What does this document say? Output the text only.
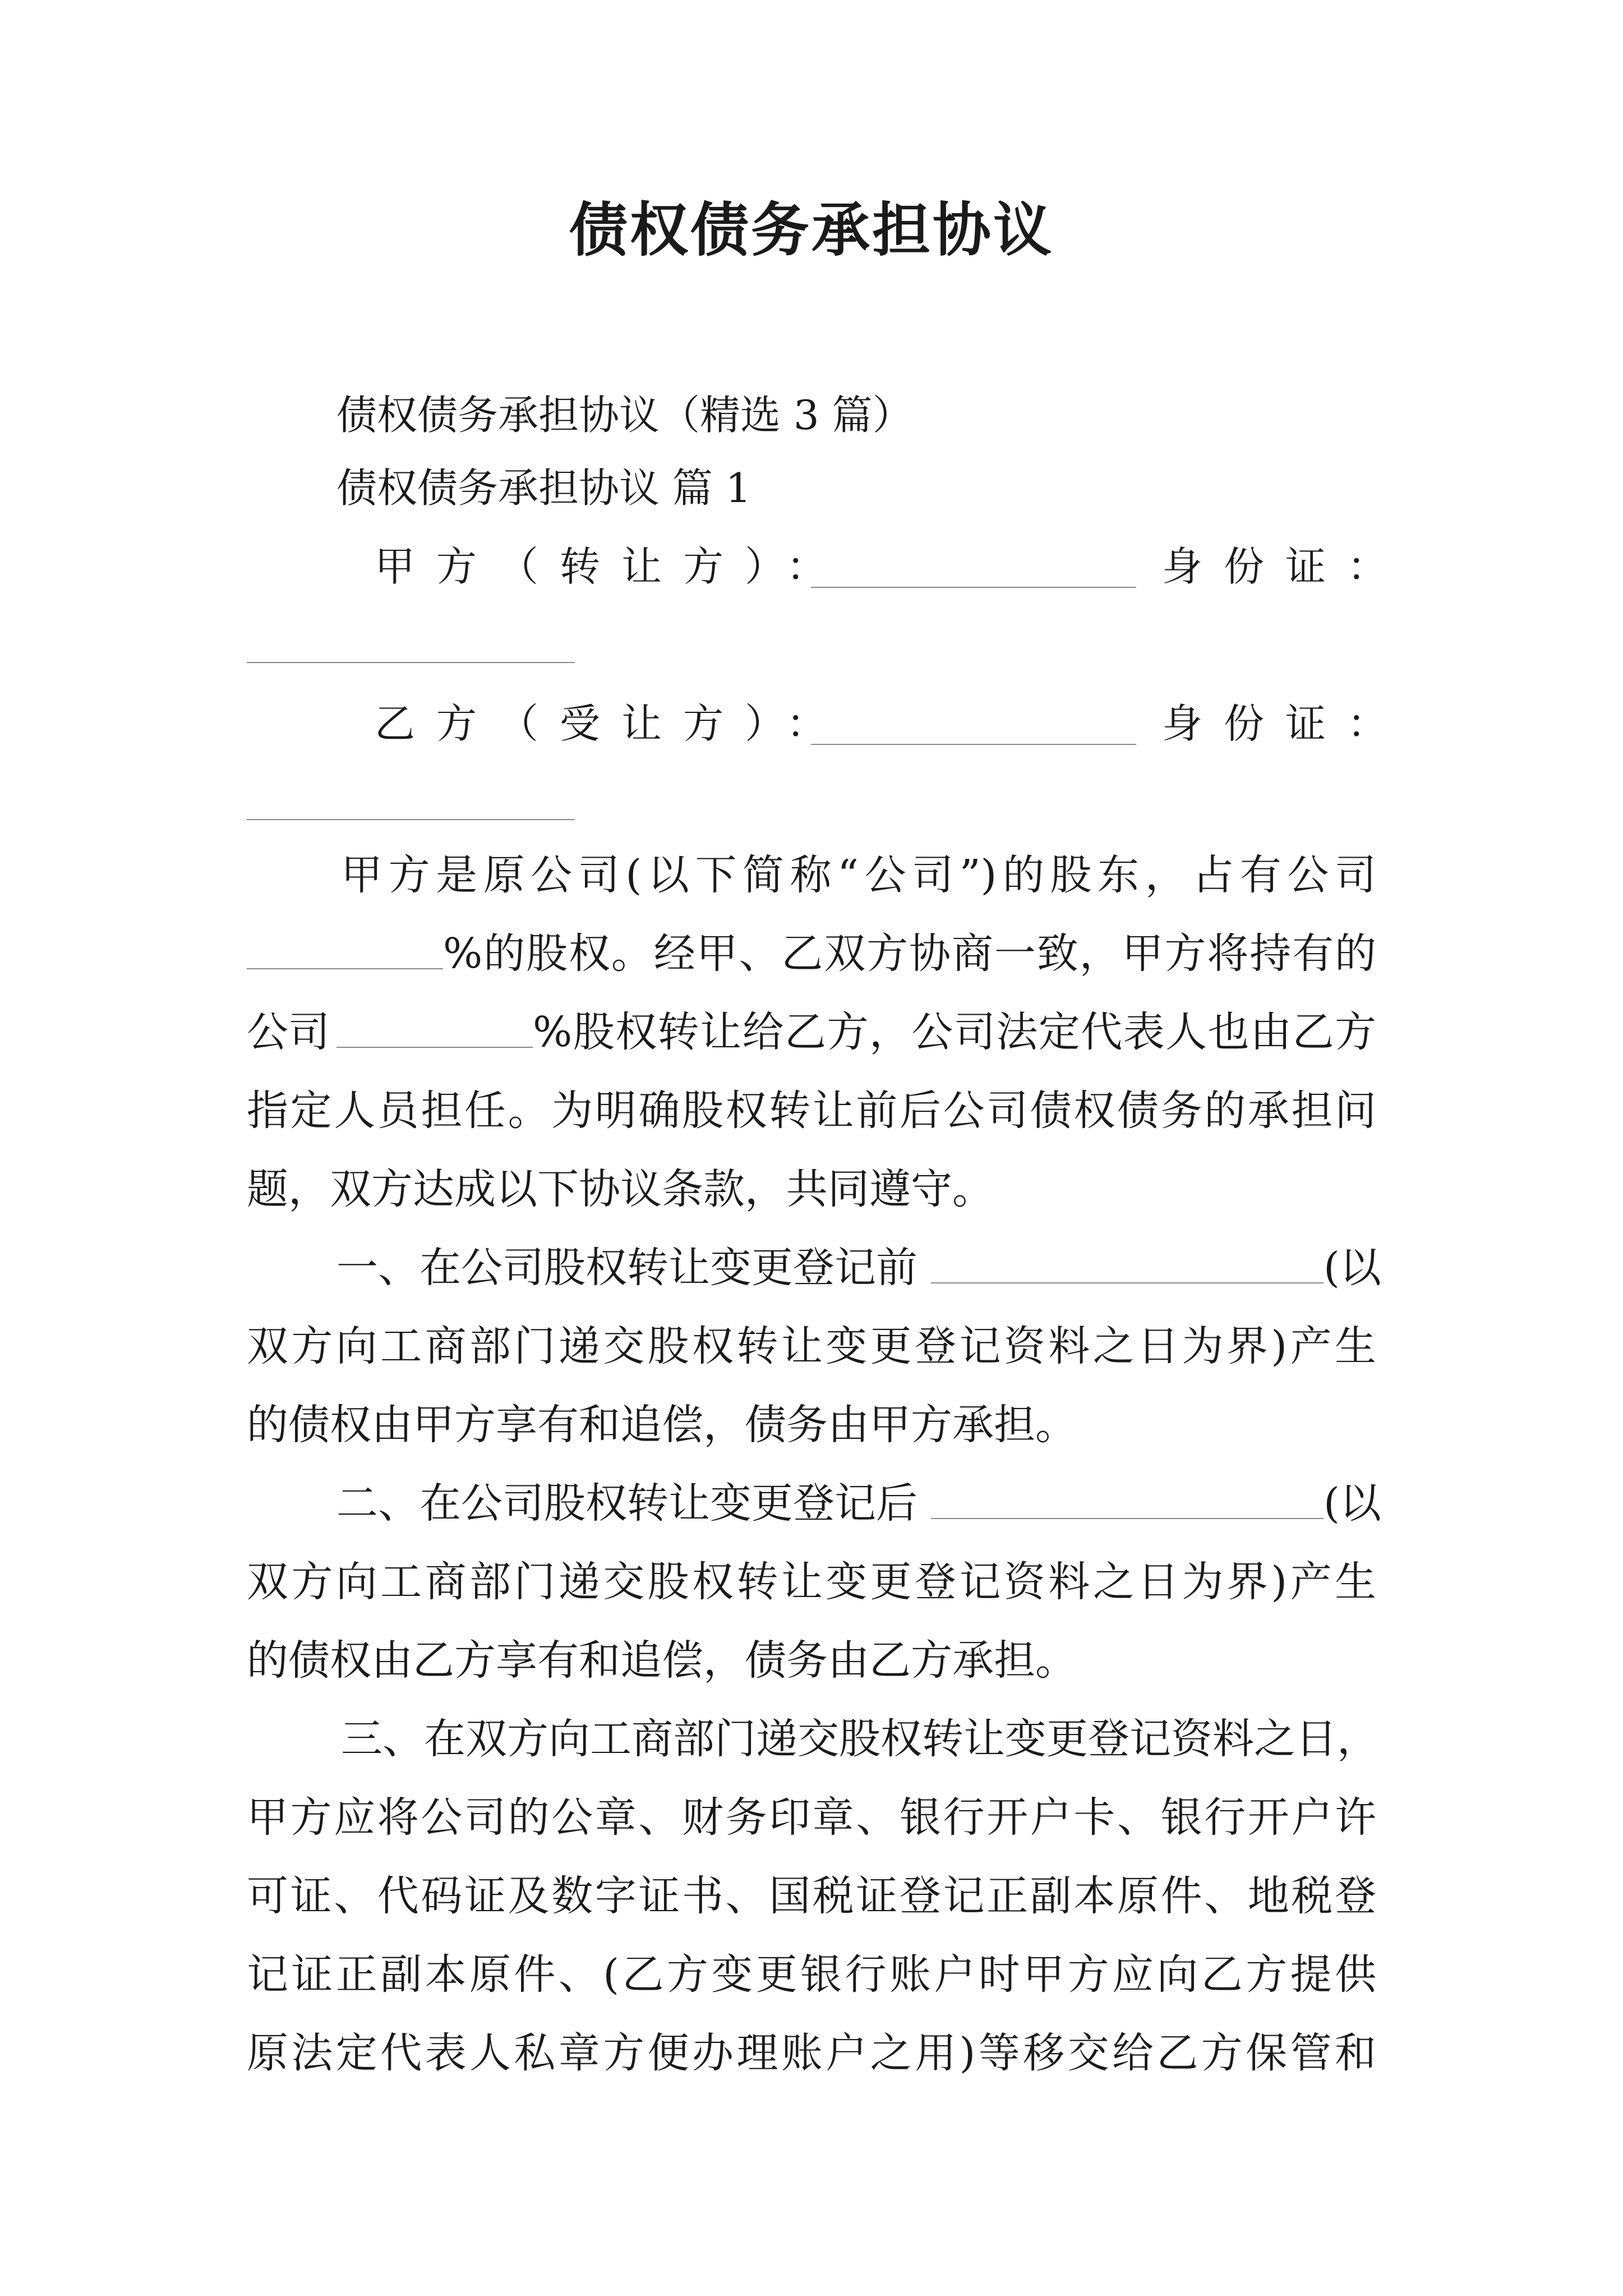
债权债务承担协议
债权债务承担协议（精选 3 篇）
债权债务承担协议 篇 1
甲方（转让方）：	身份证：
乙方（受让方）：	身份证：
甲方是原公司(以下简称“公司”)的股东，占有公司
%的股权。经甲、乙双方协商一致，甲方将持有的
公司	%股权转让给乙方，公司法定代表人也由乙方
指定人员担任。为明确股权转让前后公司债权债务的承担问
题，双方达成以下协议条款，共同遵守。
一、在公司股权转让变更登记前	(以
双方向工商部门递交股权转让变更登记资料之日为界)产生
的债权由甲方享有和追偿，债务由甲方承担。
二、在公司股权转让变更登记后	(以
双方向工商部门递交股权转让变更登记资料之日为界)产生
的债权由乙方享有和追偿，债务由乙方承担。
三、在双方向工商部门递交股权转让变更登记资料之日，
甲方应将公司的公章、财务印章、银行开户卡、银行开户许
可证、代码证及数字证书、国税证登记正副本原件、地税登
记证正副本原件、(乙方变更银行账户时甲方应向乙方提供
原法定代表人私章方便办理账户之用)等移交给乙方保管和
